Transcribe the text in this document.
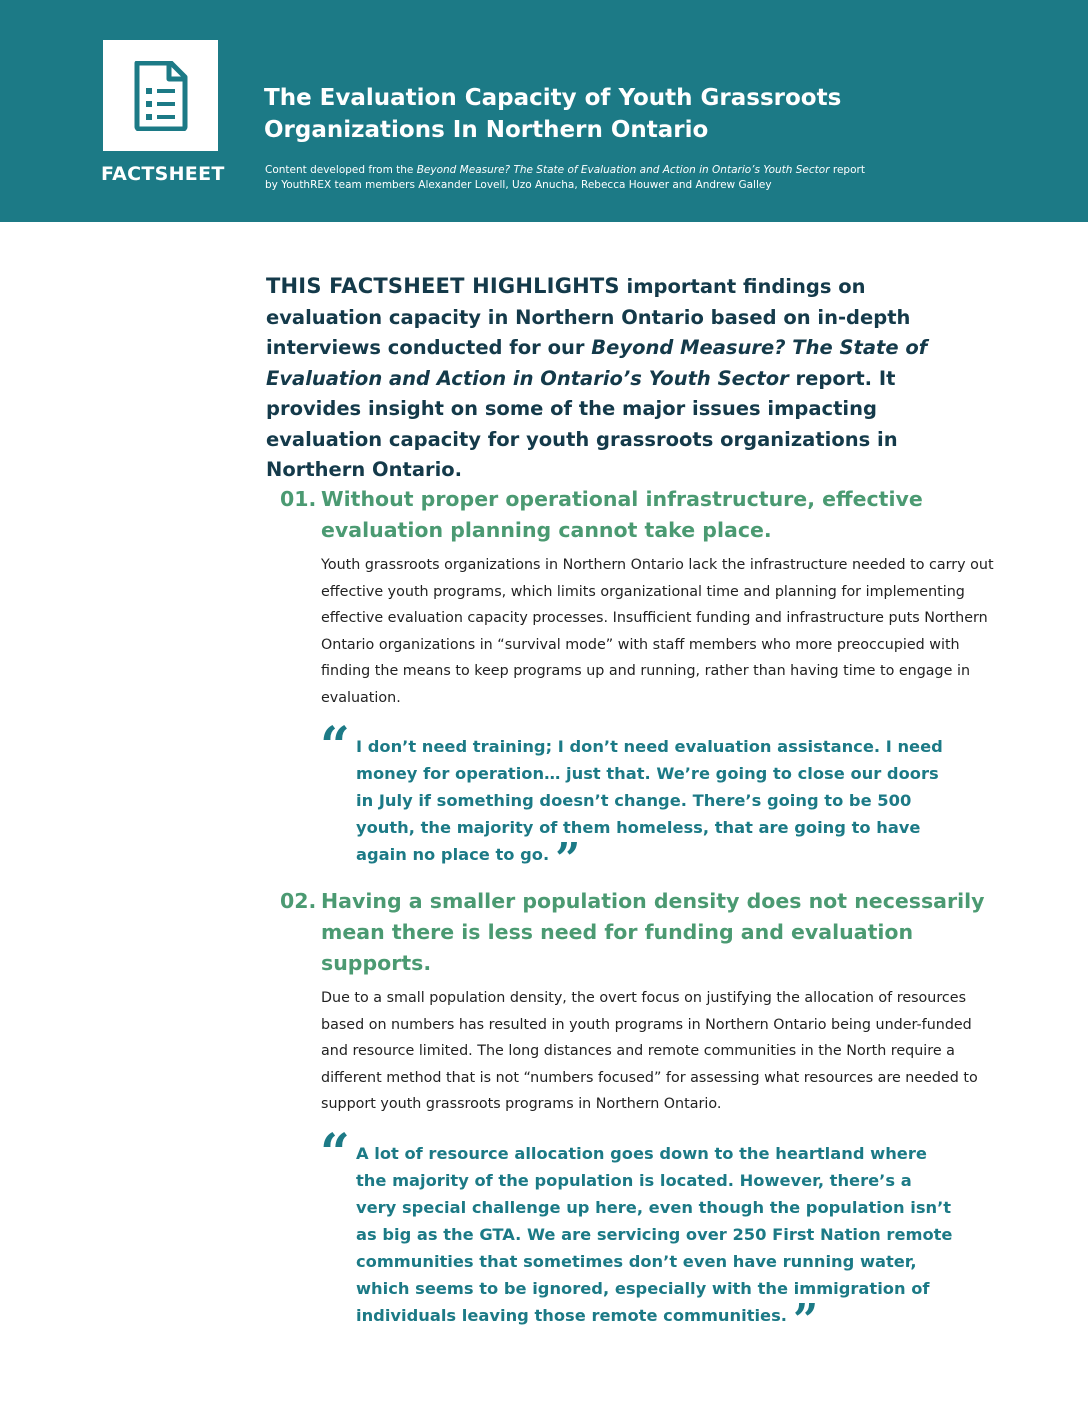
FACTSHEET
The Evaluation Capacity of Youth Grassroots
Organizations In Northern Ontario

Content developed from the Beyond Measure? The State of Evaluation and Action in Ontario’s Youth Sector report by YouthREX team members Alexander Lovell, Uzo Anucha, Rebecca Houwer and Andrew Galley

THIS FACTSHEET HIGHLIGHTS important findings on evaluation capacity in Northern Ontario based on in-depth interviews conducted for our Beyond Measure? The State of Evaluation and Action in Ontario’s Youth Sector report. It provides insight on some of the major issues impacting evaluation capacity for youth grassroots organizations in Northern Ontario.

01. Without proper operational infrastructure, effective evaluation planning cannot take place.

Youth grassroots organizations in Northern Ontario lack the infrastructure needed to carry out effective youth programs, which limits organizational time and planning for implementing effective evaluation capacity processes. Insufficient funding and infrastructure puts Northern Ontario organizations in “survival mode” with staff members who more preoccupied with finding the means to keep programs up and running, rather than having time to engage in evaluation.

“ I don’t need training; I don’t need evaluation assistance. I need money for operation… just that. We’re going to close our doors in July if something doesn’t change. There’s going to be 500 youth, the majority of them homeless, that are going to have again no place to go. ”
02. Having a smaller population density does not necessarily mean there is less need for funding and evaluation supports.

Due to a small population density, the overt focus on justifying the allocation of resources based on numbers has resulted in youth programs in Northern Ontario being under-funded and resource limited. The long distances and remote communities in the North require a different method that is not “numbers focused” for assessing what resources are needed to support youth grassroots programs in Northern Ontario.

“ A lot of resource allocation goes down to the heartland where the majority of the population is located. However, there’s a very special challenge up here, even though the population isn’t as big as the GTA. We are servicing over 250 First Nation remote communities that sometimes don’t even have running water, which seems to be ignored, especially with the immigration of individuals leaving those remote communities. ”
